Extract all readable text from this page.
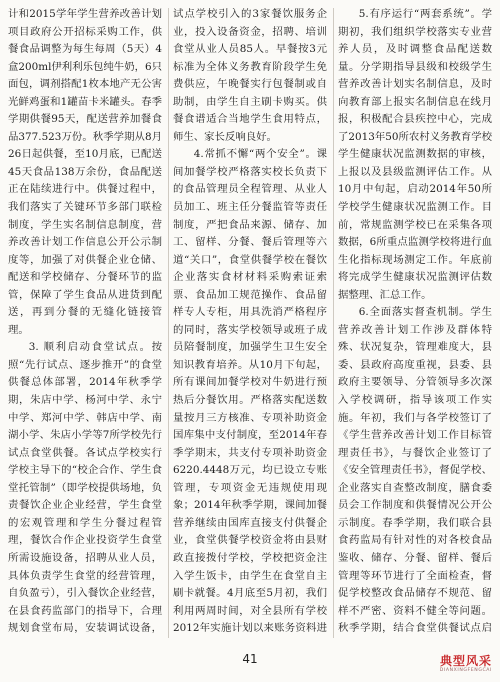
计和2015学年学生营养改善计划项目政府公开招标采购工作，供餐食品调整为每生每周（5天）4盒200ml伊利利乐包纯牛奶，6只面包，调剂搭配1枚本地产无公害光鲜鸡蛋和1罐苗卡米罐头。春季学期供餐95天，配送营养加餐食品377.523万份。秋季学期从8月26日起供餐，至10月底，已配送45天食品138万余份，食品配送正在陆续进行中。供餐过程中，我们落实了关键环节多部门联检制度，学生实名制信息制度，营养改善计划工作信息公开公示制度等，加强了对供餐企业仓储、配送和学校储存、分餐环节的监管，保障了学生食品从进货到配送，再到分餐的无缝化链接管理。

3. 顺利启动食堂试点。按照“先行试点、逐步推开”的食堂供餐总体部署，2014年秋季学期，朱店中学、杨河中学、永宁中学、郑河中学、韩店中学、南湖小学、朱店小学等7所学校先行试点食堂供餐。各试点学校实行学校主导下的“校企合作、学生食堂托管制”（即学校提供场地，负责餐饮企业企业经营，学生食堂的宏观管理和学生分餐过程管理，餐饮合作企业投资学生食堂所需设施设备，招聘从业人员，具体负责学生食堂的经营管理，自负盈亏），引入餐饮企业经营，在县食药监部门的指导下，合理规划食堂布局，安装调试设备，

试点学校引入的3家餐饮服务企业，投入设备资金，招聘、培训食堂从业人员85人。早餐按3元标准为全体义务教育阶段学生免费供应，午晚餐实行包餐制或自助制，由学生自主刷卡购买。供餐食谱适合当地学生食用特点，师生、家长反响良好。

4.常抓不懈“两个安全”。课间加餐学校严格落实校长负责下的食品管理员全程管理、从业人员加工、班主任分餐监管等责任制度，严把食品来源、储存、加工、留样、分餐、餐后管理等六道“关口”，食堂供餐学校在餐饮企业落实食材材料采购索证索票、食品加工规范操作、食品留样专人专柜，用具洗消严格程序的同时，落实学校领导或班子成员陪餐制度，加强学生卫生安全知识教育培养。从10月下旬起，所有课间加餐学校对牛奶进行预热后分餐饮用。严格落实配送数量按月三方核准、专项补助资金国库集中支付制度，至2014年春季学期末，共支付专项补助资金6220.4448万元，均已设立专账管理，专项资金无违规使用现象；2014年秋季学期，课间加餐营养继续由国库直接支付供餐企业，食堂供餐学校资金将由县财政直接拨付学校，学校把资金注入学生饭卡，由学生在食堂自主刷卡就餐。4月底至5月初，我们利用两周时间，对全县所有学校2012年实施计划以来账务资料进

5.有序运行“两套系统”。学期初，我们组织学校落实专业营养人员，及时调整食品配送数量。分学期指导县级和校级学生营养改善计划实名制信息，及时向教育部上报实名制信息在线月报，积极配合县疾控中心，完成了2013年50所农村义务教育学校学生健康状况监测数据的审核，上报以及县级监测评估工作。从10月中旬起，启动2014年50所学校学生健康状况监测工作。目前，常规监测学校已在采集各项数据，6所重点监测学校将进行血生化指标现场测定工作。年底前将完成学生健康状况监测评估数据整理、汇总工作。

6.全面落实督查机制。学生营养改善计划工作涉及群体特殊、状况复杂，管理难度大，县委、县政府高度重视，县委、县政府主要领导、分管领导多次深入学校调研，指导该项工作实施。年初，我们与各学校签订了《学生营养改善计划工作目标管理责任书》，与餐饮企业签订了《安全管理责任书》，督促学校、企业落实自查整改制度，膳食委员会工作制度和供餐情况公开公示制度。春季学期，我们联合县食药监局有针对性的对各校食品鉴收、储存、分餐、留样、餐后管理等环节进行了全面检查，督促学校整改食品储存不规范、留样不严密、资料不健全等问题。秋季学期，结合食堂供餐试点启

41	典型风采
DIANXINGFENGCAI
